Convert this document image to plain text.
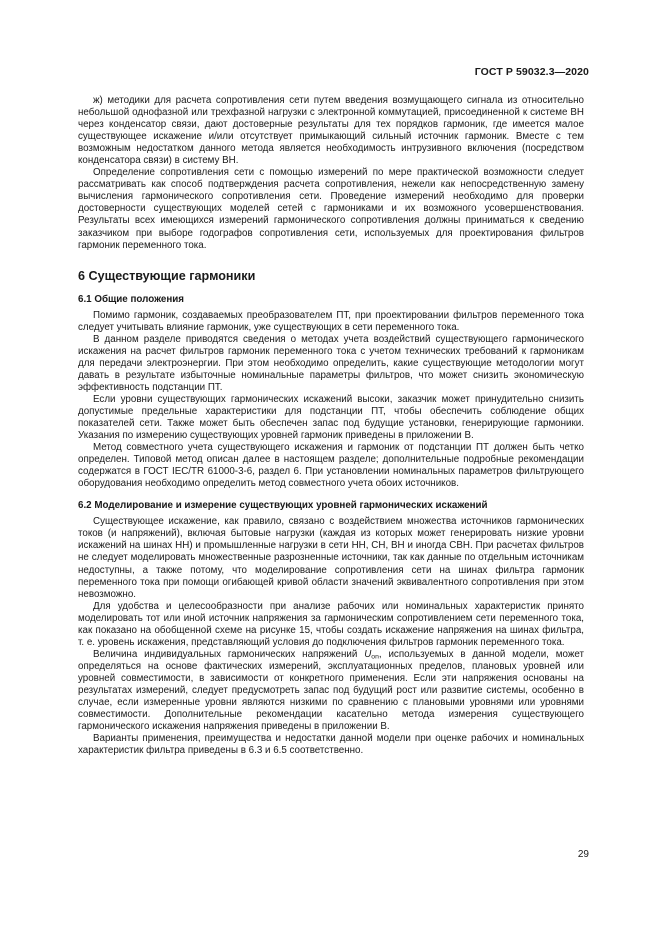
ГОСТ Р 59032.3—2020

ж) методики для расчета сопротивления сети путем введения возмущающего сигнала из относительно небольшой однофазной или трехфазной нагрузки с электронной коммутацией, присоединенной к системе ВН через конденсатор связи, дают достоверные результаты для тех порядков гармоник, где имеется малое существующее искажение и/или отсутствует примыкающий сильный источник гармоник. Вместе с тем возможным недостатком данного метода является необходимость интрузивного включения (посредством конденсатора связи) в систему ВН.

Определение сопротивления сети с помощью измерений по мере практической возможности следует рассматривать как способ подтверждения расчета сопротивления, нежели как непосредственную замену вычисления гармонического сопротивления сети. Проведение измерений необходимо для проверки достоверности существующих моделей сетей с гармониками и их возможного усовершенствования. Результаты всех имеющихся измерений гармонического сопротивления должны приниматься к сведению заказчиком при выборе годографов сопротивления сети, используемых для проектирования фильтров гармоник переменного тока.

6 Существующие гармоники
6.1 Общие положения

Помимо гармоник, создаваемых преобразователем ПТ, при проектировании фильтров переменного тока следует учитывать влияние гармоник, уже существующих в сети переменного тока.

В данном разделе приводятся сведения о методах учета воздействий существующего гармонического искажения на расчет фильтров гармоник переменного тока с учетом технических требований к гармоникам для передачи электроэнергии. При этом необходимо определить, какие существующие методологии могут давать в результате избыточные номинальные параметры фильтров, что может снизить экономическую эффективность подстанции ПТ.

Если уровни существующих гармонических искажений высоки, заказчик может принудительно снизить допустимые предельные характеристики для подстанции ПТ, чтобы обеспечить соблюдение общих показателей сети. Также может быть обеспечен запас под будущие установки, генерирующие гармоники. Указания по измерению существующих уровней гармоник приведены в приложении В.

Метод совместного учета существующего искажения и гармоник от подстанции ПТ должен быть четко определен. Типовой метод описан далее в настоящем разделе; дополнительные подробные рекомендации содержатся в ГОСТ IEC/TR 61000-3-6, раздел 6. При установлении номинальных параметров фильтрующего оборудования необходимо определить метод совместного учета обоих источников.

6.2 Моделирование и измерение существующих уровней гармонических искажений

Существующее искажение, как правило, связано с воздействием множества источников гармонических токов (и напряжений), включая бытовые нагрузки (каждая из которых может генерировать низкие уровни искажений на шинах НН) и промышленные нагрузки в сети НН, СН, ВН и иногда СВН. При расчетах фильтров не следует моделировать множественные разрозненные источники, так как данные по отдельным источникам недоступны, а также потому, что моделирование сопротивления сети на шинах фильтра гармоник переменного тока при помощи огибающей кривой области значений эквивалентного сопротивления при этом невозможно.

Для удобства и целесообразности при анализе рабочих или номинальных характеристик принято моделировать тот или иной источник напряжения за гармоническим сопротивлением сети переменного тока, как показано на обобщенной схеме на рисунке 15, чтобы создать искажение напряжения на шинах фильтра, т. е. уровень искажения, представляющий условия до подключения фильтров гармоник переменного тока.

Величина индивидуальных гармонических напряжений $U_{оn}$, используемых в данной модели, может определяться на основе фактических измерений, эксплуатационных пределов, плановых уровней или уровней совместимости, в зависимости от конкретного применения. Если эти напряжения основаны на результатах измерений, следует предусмотреть запас под будущий рост или развитие системы, особенно в случае, если измеренные уровни являются низкими по сравнению с плановыми уровнями или уровнями совместимости. Дополнительные рекомендации касательно метода измерения существующего гармонического искажения напряжения приведены в приложении В.

Варианты применения, преимущества и недостатки данной модели при оценке рабочих и номинальных характеристик фильтра приведены в 6.3 и 6.5 соответственно.

29
